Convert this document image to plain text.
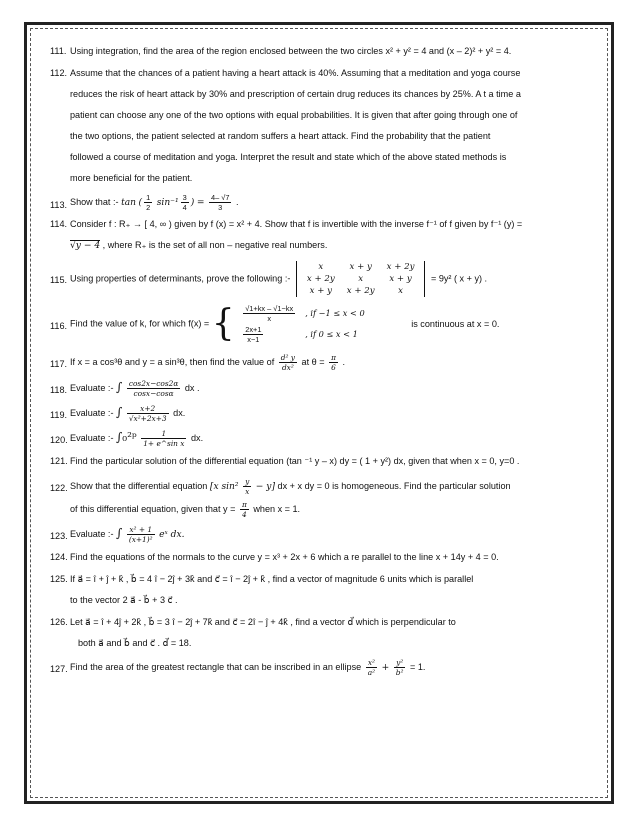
111. Using integration, find the area of the region enclosed between the two circles x² + y² = 4 and (x – 2)² + y² = 4.
112. Assume that the chances of a patient having a heart attack is 40%. Assuming that a meditation and yoga course
reduces the risk of heart attack by 30% and prescription of certain drug reduces its chances by 25%. A t a time a
patient can choose any one of the two options with equal probabilities. It is given that after going through one of
the two options, the patient selected at random suffers a heart attack. Find the probability that the patient
followed a course of meditation and yoga. Interpret the result and state which of the above stated methods is
more beneficial for the patient.
113. Show that :- tan ( $\frac{1}{2} \sin^{-1} \frac{3}{4}$ ) = $\frac{4- √7}{3}$ .
114. Consider f : R₊ → [ 4, ∞ ) given by f (x) = x² + 4. Show that f is invertible with the inverse f⁻¹ of f given by f⁻¹ (y) =
√y − 4 , where R₊ is the set of all non – negative real numbers.
115. Using properties of determinants, prove the following :-
x	x + y	x + 2y
x + 2y	x	x + y
x + y	x + 2y	x
= 9y² ( x + y) .
116. Find the value of k, for which f(x) = { $\frac{√1+kx - √1-kx}{x}$	, if −1 ≤ x < 0

$\frac{2x+1}{x-1}$	, if 0 ≤ x < 1
is continuous at x = 0.
117. If x = a cos³θ and y = a sin³θ, then find the value of $\frac{\text{d² y}}{\text{dx²}}$ at $\theta = \frac{\pi}{6}$ .
118. Evaluate :- ∫ $\frac{\cos 2x-\cos 2\alpha}{\cos x-\cos\alpha}$ dx .
119. Evaluate :- ∫ $\frac{x+2}{\text{√x²+2x+3}}$ dx.
120. Evaluate :- ∫₀²ᵖ $\frac{1}{\text{1+ e\textasciicircum{}sin x}}$ dx.
121. Find the particular solution of the differential equation (tan ⁻¹ y – x) dy = ( 1 + y²) dx, given that when x = 0, y=0 .
122. Show that the differential equation [x $\sin^2 \frac{y}{x} - y$] dx + x dy = 0 is homogeneous. Find the particular solution
of this differential equation, given that $y = \frac{\pi}{4}$ when x = 1.
123. Evaluate :- ∫ $\frac{\text{x² + 1}}{\text{(x+1)²}}$ eˣ dx.
124. Find the equations of the normals to the curve y = x³ + 2x + 6 which a re parallel to the line x + 14y + 4 = 0.
125. If a⃗ = î + ĵ + k̂ , b⃗ = 4 î − 2ĵ + 3k̂ and c⃗ = î − 2ĵ + k̂ , find a vector of magnitude 6 units which is parallel
to the vector 2 a⃗ - b⃗ + 3 c⃗ .
126. Let a⃗ = î + 4ĵ + 2k̂ , b⃗ = 3 î − 2ĵ + 7k̂ and c⃗ = 2î − ĵ + 4k̂ , find a vector d⃗ which is perpendicular to
both a⃗ and b⃗ and c⃗ . d⃗ = 18.
127. Find the area of the greatest rectangle that can be inscribed in an ellipse $\frac{\text{x²}}{\text{a²}} + \frac{\text{y²}}{\text{b²}} = 1$.
